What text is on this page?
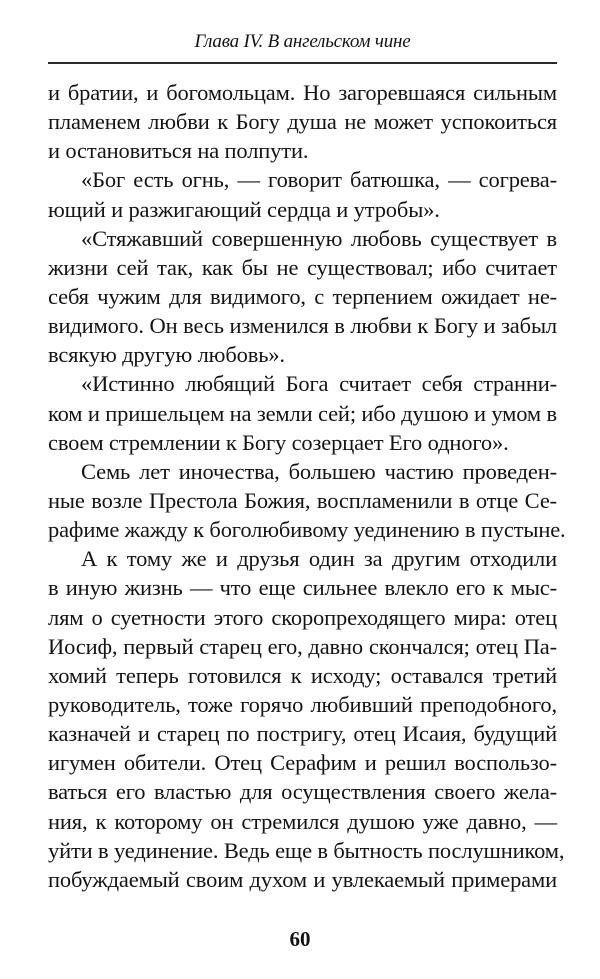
Глава IV. В ангельском чине
и братии, и богомольцам. Но загоревшаяся сильным
пламенем любви к Богу душа не может успокоиться
и остановиться на полпути.
«Бог есть огнь, — говорит батюшка, — согрева-
ющий и разжигающий сердца и утробы».
«Стяжавший совершенную любовь существует в
жизни сей так, как бы не существовал; ибо считает
себя чужим для видимого, с терпением ожидает не-
видимого. Он весь изменился в любви к Богу и забыл
всякую другую любовь».
«Истинно любящий Бога считает себя странни-
ком и пришельцем на земли сей; ибо душою и умом в
своем стремлении к Богу созерцает Его одного».
Семь лет иночества, большею частию проведен-
ные возле Престола Божия, воспламенили в отце Се-
рафиме жажду к боголюбивому уединению в пустыне.
А к тому же и друзья один за другим отходили
в иную жизнь — что еще сильнее влекло его к мыс-
лям о суетности этого скоропреходящего мира: отец
Иосиф, первый старец его, давно скончался; отец Па-
хомий теперь готовился к исходу; оставался третий
руководитель, тоже горячо любивший преподобного,
казначей и старец по постригу, отец Исаия, будущий
игумен обители. Отец Серафим и решил воспользо-
ваться его властью для осуществления своего жела-
ния, к которому он стремился душою уже давно, —
уйти в уединение. Ведь еще в бытность послушником,
побуждаемый своим духом и увлекаемый примерами
60
